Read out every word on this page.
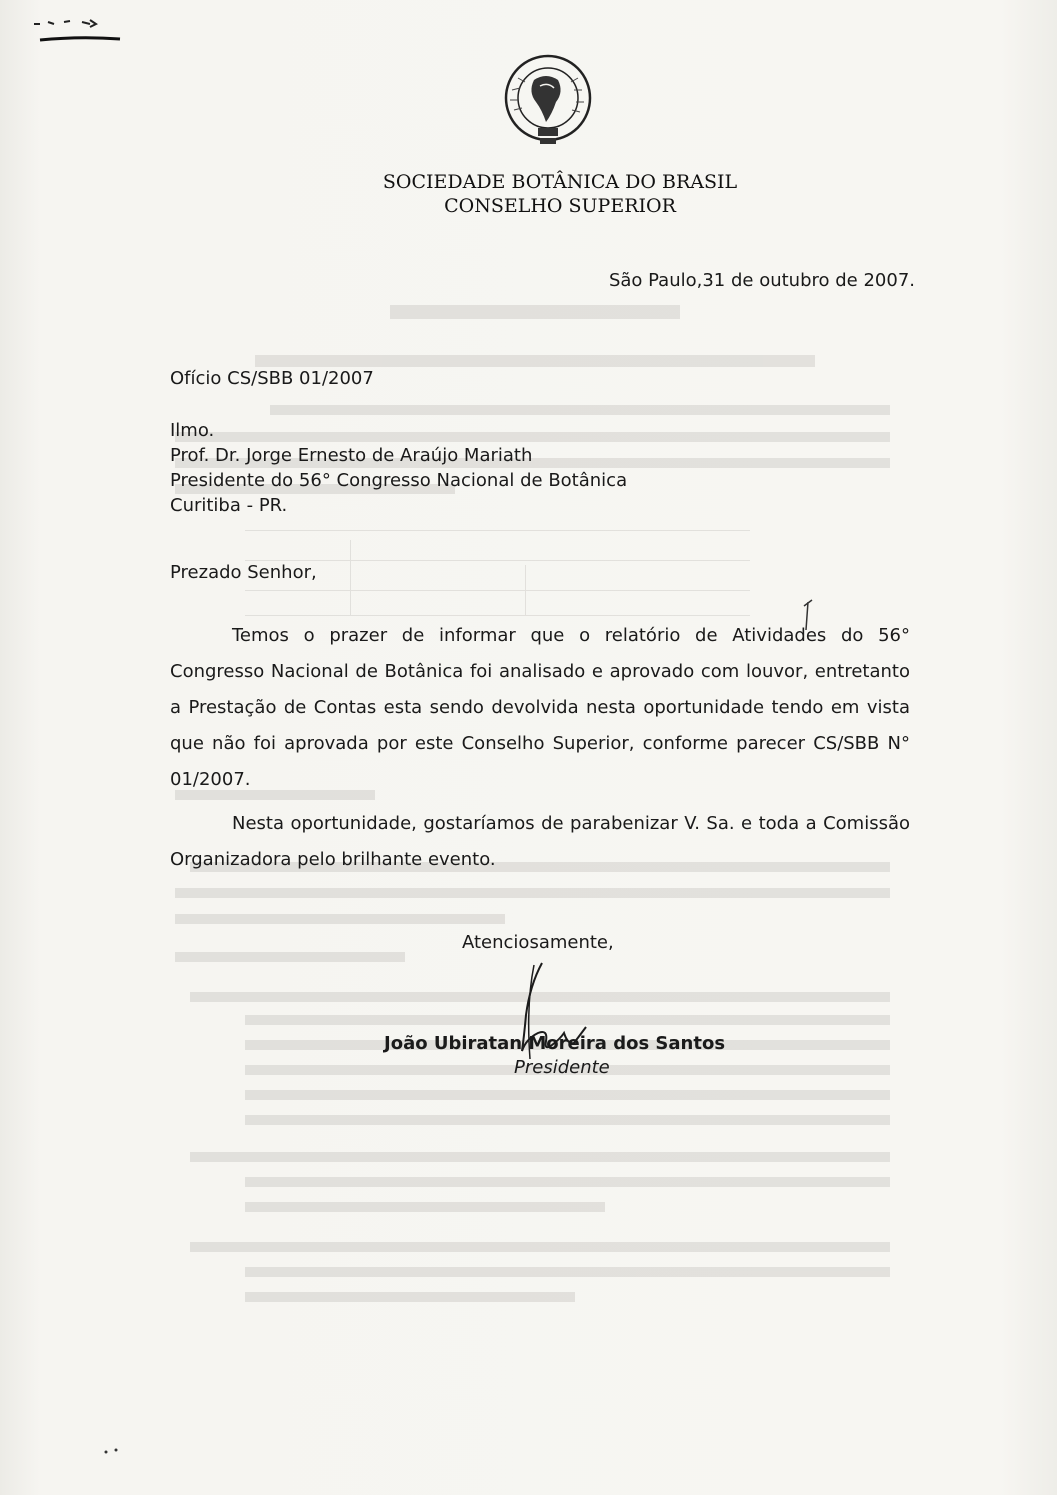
SOCIEDADE BOTÂNICA DO BRASIL
CONSELHO SUPERIOR
São Paulo,31 de outubro de 2007.
Ofício CS/SBB 01/2007
Ilmo.
Prof. Dr. Jorge Ernesto de Araújo Mariath
Presidente do 56° Congresso Nacional de Botânica
Curitiba - PR.
Prezado Senhor,
Temos o prazer de informar que o relatório de Atividades do 56° Congresso Nacional de Botânica foi analisado e aprovado com louvor, entretanto a Prestação de Contas esta sendo devolvida nesta oportunidade tendo em vista que não foi aprovada por este Conselho Superior, conforme parecer CS/SBB N° 01/2007.
Nesta oportunidade, gostaríamos de parabenizar V. Sa. e toda a Comissão Organizadora pelo brilhante evento.
Atenciosamente,
João Ubiratan Moreira dos Santos
Presidente
